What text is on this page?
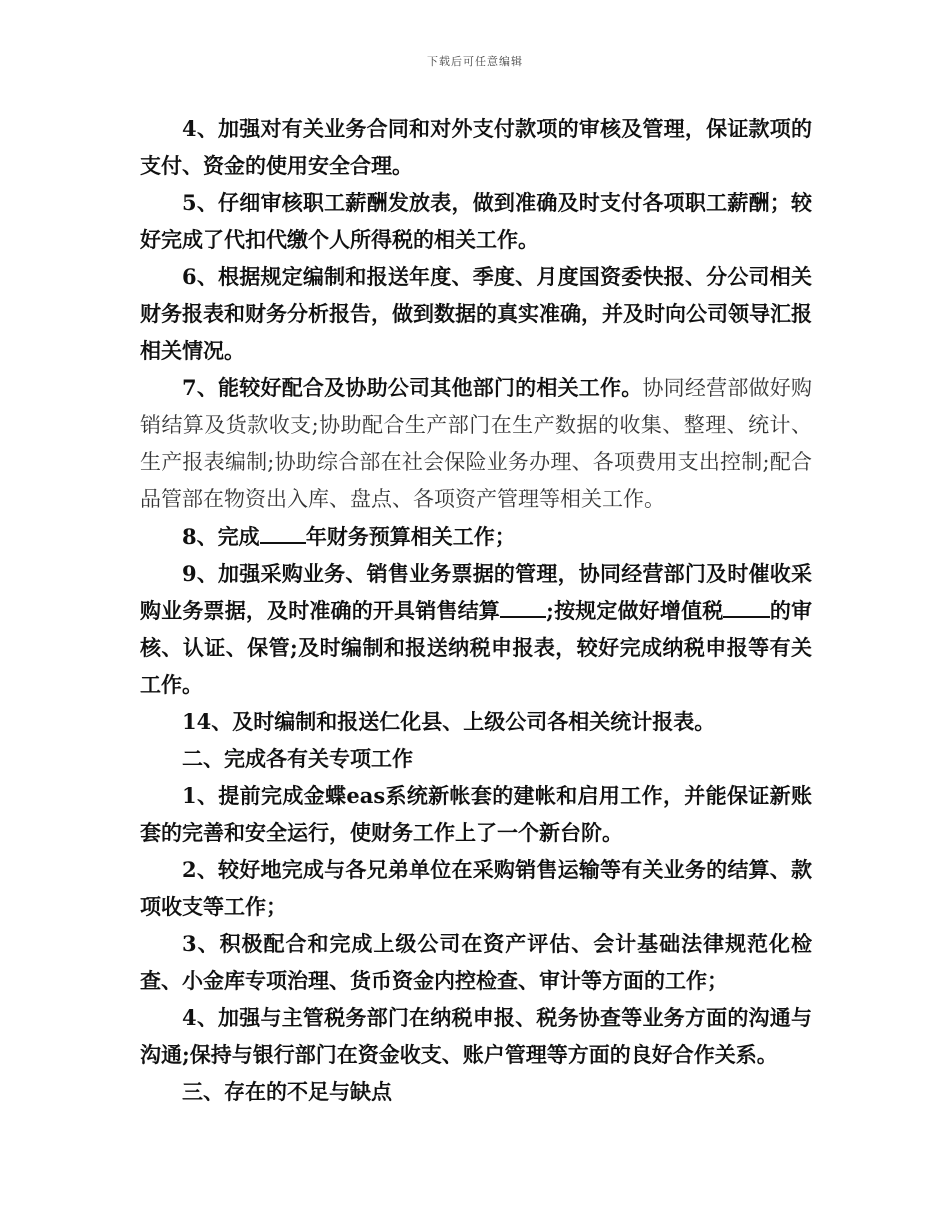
下载后可任意编辑

4、加强对有关业务合同和对外支付款项的审核及管理，保证款项的支付、资金的使用安全合理。

5、仔细审核职工薪酬发放表，做到准确及时支付各项职工薪酬；较好完成了代扣代缴个人所得税的相关工作。

6、根据规定编制和报送年度、季度、月度国资委快报、分公司相关财务报表和财务分析报告，做到数据的真实准确，并及时向公司领导汇报相关情况。

7、能较好配合及协助公司其他部门的相关工作。协同经营部做好购销结算及货款收支;协助配合生产部门在生产数据的收集、整理、统计、生产报表编制;协助综合部在社会保险业务办理、各项费用支出控制;配合品管部在物资出入库、盘点、各项资产管理等相关工作。

8、完成 年财务预算相关工作；

9、加强采购业务、销售业务票据的管理，协同经营部门及时催收采购业务票据，及时准确的开具销售结算 ;按规定做好增值税 的审核、认证、保管;及时编制和报送纳税申报表，较好完成纳税申报等有关工作。

14、及时编制和报送仁化县、上级公司各相关统计报表。

二、完成各有关专项工作

1、提前完成金蝶eas系统新帐套的建帐和启用工作，并能保证新账套的完善和安全运行，使财务工作上了一个新台阶。

2、较好地完成与各兄弟单位在采购销售运输等有关业务的结算、款项收支等工作；

3、积极配合和完成上级公司在资产评估、会计基础法律规范化检查、小金库专项治理、货币资金内控检查、审计等方面的工作；

4、加强与主管税务部门在纳税申报、税务协查等业务方面的沟通与沟通;保持与银行部门在资金收支、账户管理等方面的良好合作关系。

三、存在的不足与缺点
